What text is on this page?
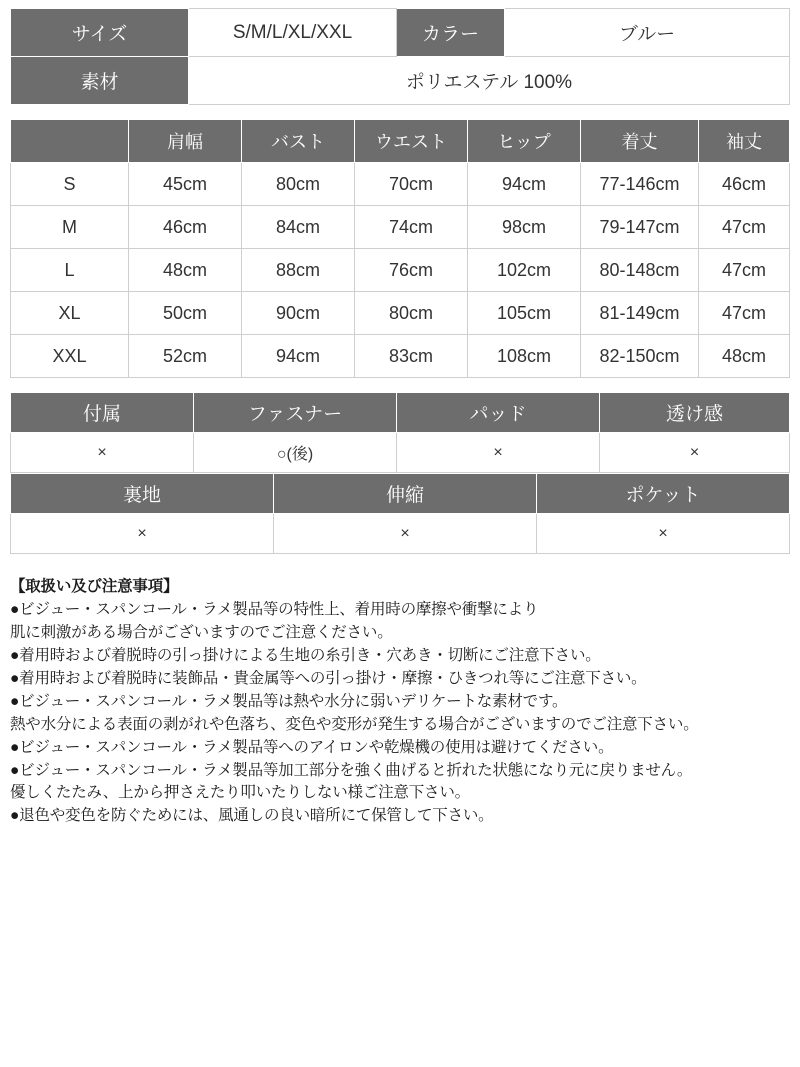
サイズ	S/M/L/XL/XXL	カラー	ブルー
素材	ポリエステル 100%		
	肩幅	バスト	ウエスト	ヒップ	着丈	袖丈
S	45cm	80cm	70cm	94cm	77-146cm	46cm
M	46cm	84cm	74cm	98cm	79-147cm	47cm
L	48cm	88cm	76cm	102cm	80-148cm	47cm
XL	50cm	90cm	80cm	105cm	81-149cm	47cm
XXL	52cm	94cm	83cm	108cm	82-150cm	48cm
付属	ファスナー	パッド	透け感
×	○(後)	×	×
裏地	伸縮	ポケット
×	×	×
【取扱い及び注意事項】
●ビジュー・スパンコール・ラメ製品等の特性上、着用時の摩擦や衝撃により
肌に刺激がある場合がございますのでご注意ください。
●着用時および着脱時の引っ掛けによる生地の糸引き・穴あき・切断にご注意下さい。
●着用時および着脱時に装飾品・貴金属等への引っ掛け・摩擦・ひきつれ等にご注意下さい。
●ビジュー・スパンコール・ラメ製品等は熱や水分に弱いデリケートな素材です。
熱や水分による表面の剥がれや色落ち、変色や変形が発生する場合がございますのでご注意下さい。
●ビジュー・スパンコール・ラメ製品等へのアイロンや乾燥機の使用は避けてください。
●ビジュー・スパンコール・ラメ製品等加工部分を強く曲げると折れた状態になり元に戻りません。
優しくたたみ、上から押さえたり叩いたりしない様ご注意下さい。
●退色や変色を防ぐためには、風通しの良い暗所にて保管して下さい。
